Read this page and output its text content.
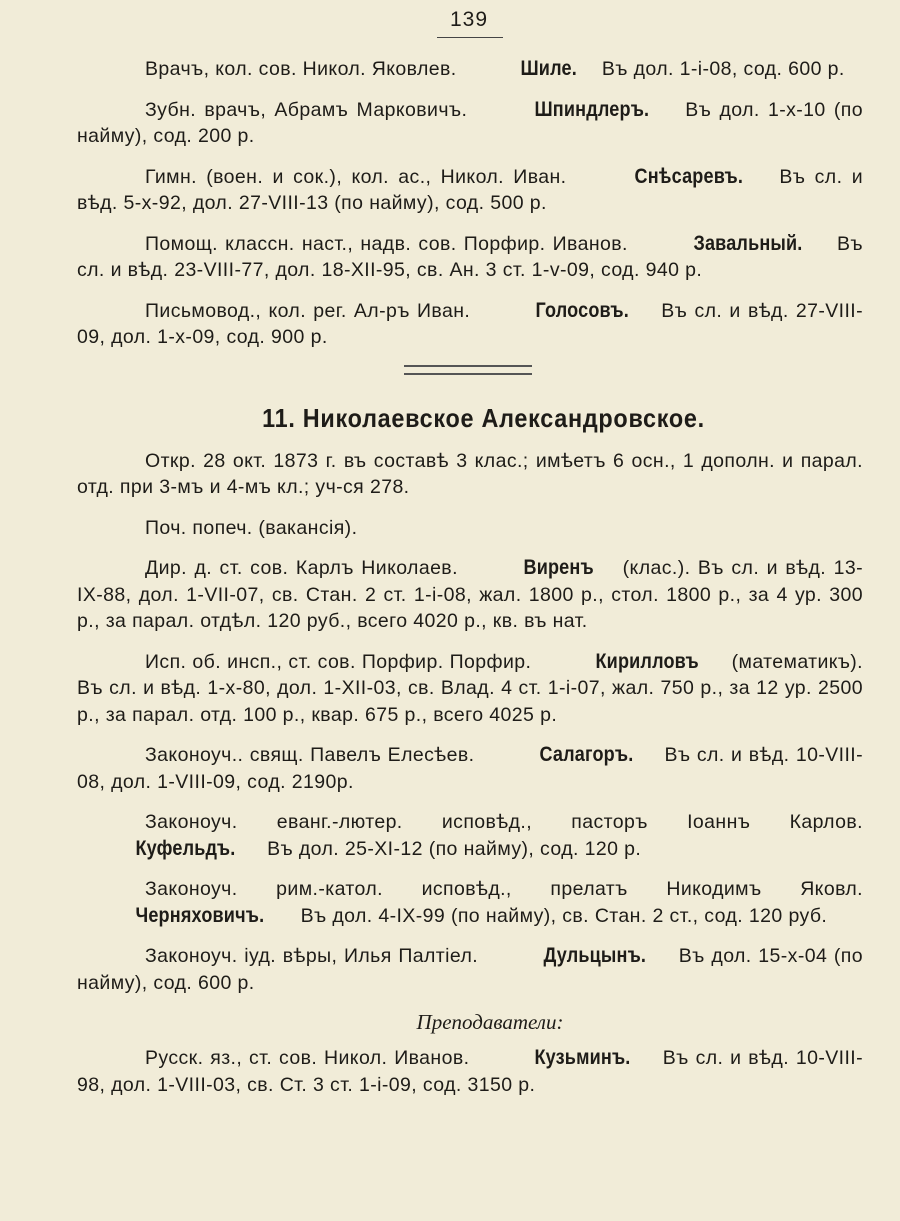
139

Врачъ, кол. сов. Никол. Яковлев.	Шиле. Въ дол. 1-і-08, сод. 600 р.

Зубн. врачъ, Абрамъ Марковичъ.	Шпиндлеръ. Въ дол. 1-х-10 (по найму), сод. 200 р.

Гимн. (воен. и сок.), кол. ас., Никол. Иван.	Снѣсаревъ. Въ сл. и вѣд. 5-х-92, дол. 27-VIII-13 (по найму), сод. 500 р.

Помощ. классн. наст., надв. сов. Порфир. Иванов.	Завальный. Въ сл. и вѣд. 23-VIII-77, дол. 18-XII-95, св. Ан. 3 ст. 1-v-09, сод. 940 р.

Письмовод., кол. рег. Ал-ръ Иван.	Голосовъ. Въ сл. и вѣд. 27-VIII-09, дол. 1-х-09, сод. 900 р.

11. Николаевское Александровское.

Откр. 28 окт. 1873 г. въ составѣ 3 клас.; имѣетъ 6 осн., 1 дополн. и парал. отд. при 3-мъ и 4-мъ кл.; уч-ся 278.

Поч. попеч. (вакансія).

Дир. д. ст. сов. Карлъ Николаев.	Виренъ (клас.). Въ сл. и вѣд. 13-IX-88, дол. 1-VII-07, св. Стан. 2 ст. 1-і-08, жал. 1800 р., стол. 1800 р., за 4 ур. 300 р., за парал. отдѣл. 120 руб., всего 4020 р., кв. въ нат.

Исп. об. инсп., ст. сов. Порфир. Порфир.	Кирилловъ (математикъ). Въ сл. и вѣд. 1-х-80, дол. 1-XII-03, св. Влад. 4 ст. 1-і-07, жал. 750 р., за 12 ур. 2500 р., за парал. отд. 100 р., квар. 675 р., всего 4025 р.

Законоуч.. свящ. Павелъ Елесѣев.	Салагоръ. Въ сл. и вѣд. 10-VIII-08, дол. 1-VIII-09, сод. 2190р.

Законоуч. еванг.-лютер. исповѣд., пасторъ Іоаннъ Карлов. Куфельдъ. Въ дол. 25-XI-12 (по найму), сод. 120 р.

Законоуч. рим.-катол. исповѣд., прелатъ Никодимъ Яковл. Черняховичъ. Въ дол. 4-IX-99 (по найму), св. Стан. 2 ст., сод. 120 руб.

Законоуч. іуд. вѣры, Илья Палтіел.	Дульцынъ. Въ дол. 15-х-04 (по найму), сод. 600 р.

Преподаватели:

Русск. яз., ст. сов. Никол. Иванов.	Кузьминъ. Въ сл. и вѣд. 10-VIII-98, дол. 1-VIII-03, св. Ст. 3 ст. 1-і-09, сод. 3150 р.
